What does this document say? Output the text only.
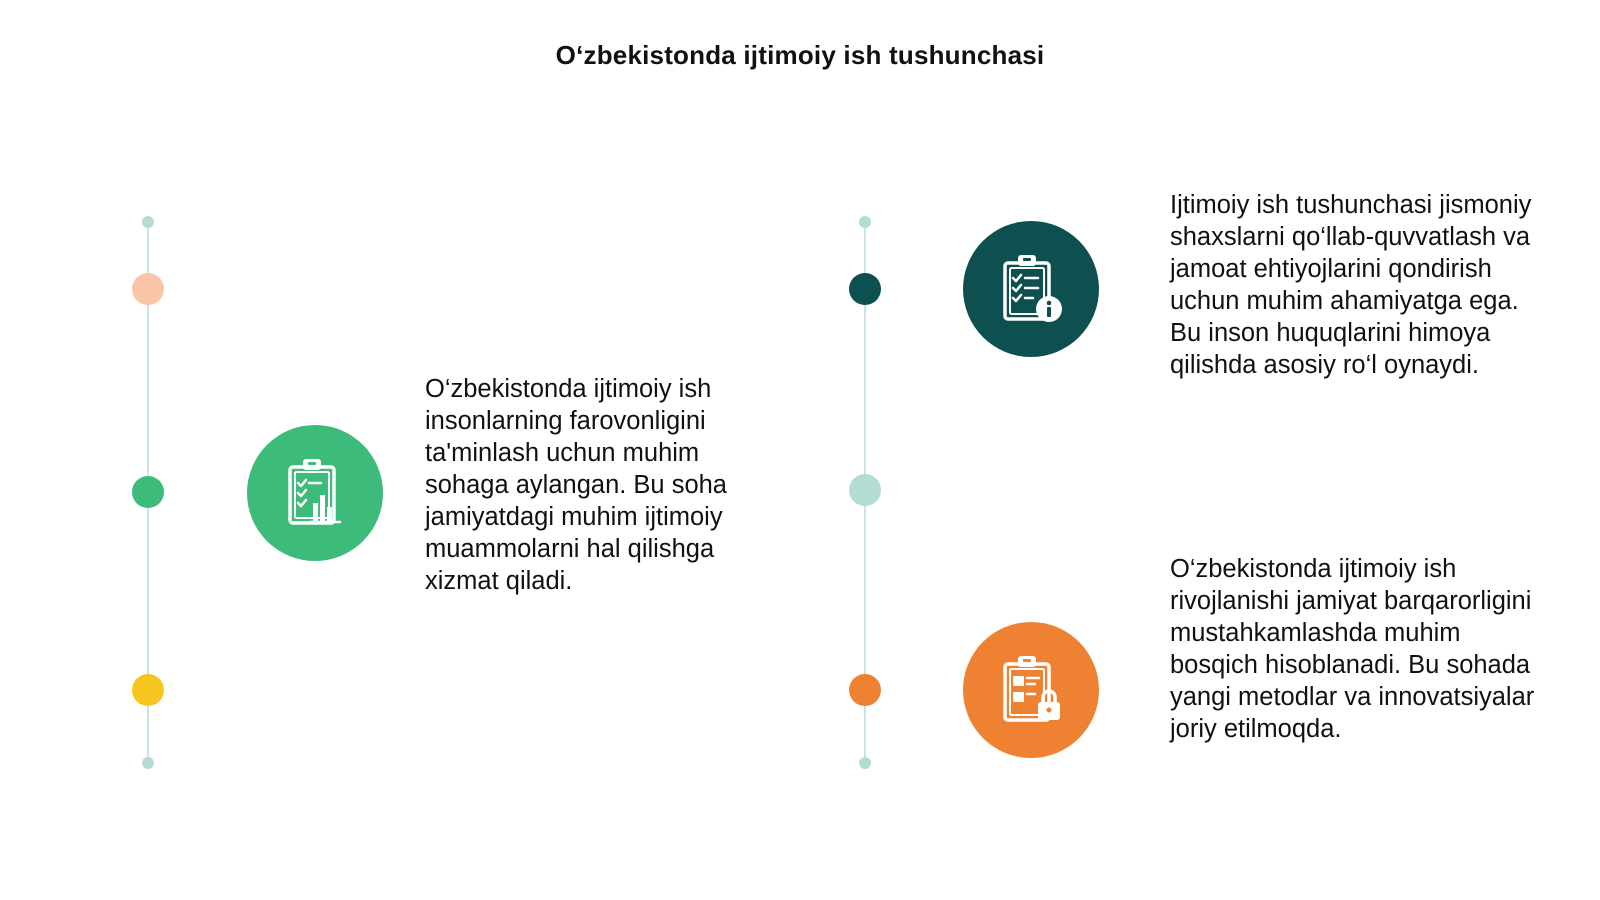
O‘zbekistonda ijtimoiy ish tushunchasi
O‘zbekistonda ijtimoiy ish insonlarning farovonligini ta'minlash uchun muhim sohaga aylangan. Bu soha jamiyatdagi muhim ijtimoiy muammolarni hal qilishga xizmat qiladi.
Ijtimoiy ish tushunchasi jismoniy shaxslarni qo‘llab-quvvatlash va jamoat ehtiyojlarini qondirish uchun muhim ahamiyatga ega. Bu inson huquqlarini himoya qilishda asosiy ro‘l oynaydi.
O‘zbekistonda ijtimoiy ish rivojlanishi jamiyat barqarorligini mustahkamlashda muhim bosqich hisoblanadi. Bu sohada yangi metodlar va innovatsiyalar joriy etilmoqda.
